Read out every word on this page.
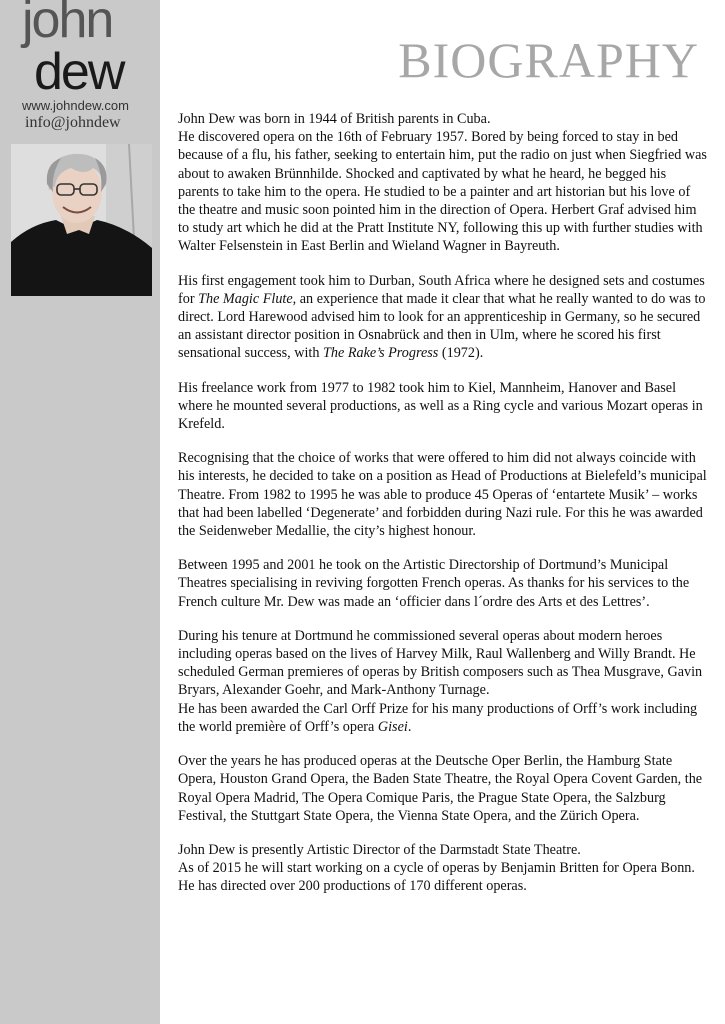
john
dew
www.johndew.com
info@johndew
BIOGRAPHY

John Dew was born in 1944 of British parents in Cuba.
He discovered opera on the 16th of February 1957. Bored by being forced to stay in bed because of a flu, his father, seeking to entertain him, put the radio on just when Siegfried was about to awaken Brünnhilde. Shocked and captivated by what he heard, he begged his parents to take him to the opera. He studied to be a painter and art historian but his love of the theatre and music soon pointed him in the direction of Opera. Herbert Graf advised him to study art which he did at the Pratt Institute NY, following this up with further studies with Walter Felsenstein in East Berlin and Wieland Wagner in Bayreuth.

His first engagement took him to Durban, South Africa where he designed sets and costumes for The Magic Flute, an experience that made it clear that what he really wanted to do was to direct. Lord Harewood advised him to look for an apprenticeship in Germany, so he secured an assistant director position in Osnabrück and then in Ulm, where he scored his first sensational success, with The Rake’s Progress (1972).

His freelance work from 1977 to 1982 took him to Kiel, Mannheim, Hanover and Basel where he mounted several productions, as well as a Ring cycle and various Mozart operas in Krefeld.

Recognising that the choice of works that were offered to him did not always coincide with his interests, he decided to take on a position as Head of Productions at Bielefeld’s municipal Theatre. From 1982 to 1995 he was able to produce 45 Operas of ‘entartete Musik’ – works that had been labelled ‘Degenerate’ and forbidden during Nazi rule. For this he was awarded the Seidenweber Medallie, the city’s highest honour.

Between 1995 and 2001 he took on the Artistic Directorship of Dortmund’s Municipal Theatres specialising in reviving forgotten French operas. As thanks for his services to the French culture Mr. Dew was made an ‘officier dans l´ordre des Arts et des Lettres’.

During his tenure at Dortmund he commissioned several operas about modern heroes including operas based on the lives of Harvey Milk, Raul Wallenberg and Willy Brandt. He scheduled German premieres of operas by British composers such as Thea Musgrave, Gavin Bryars, Alexander Goehr, and Mark-Anthony Turnage.
He has been awarded the Carl Orff Prize for his many productions of Orff’s work including the world première of Orff’s opera Gisei.

Over the years he has produced operas at the Deutsche Oper Berlin, the Hamburg State Opera, Houston Grand Opera, the Baden State Theatre, the Royal Opera Covent Garden, the Royal Opera Madrid, The Opera Comique Paris, the Prague State Opera, the Salzburg Festival, the Stuttgart State Opera, the Vienna State Opera, and the Zürich Opera.

John Dew is presently Artistic Director of the Darmstadt State Theatre.
As of 2015 he will start working on a cycle of operas by Benjamin Britten for Opera Bonn.
He has directed over 200 productions of 170 different operas.
